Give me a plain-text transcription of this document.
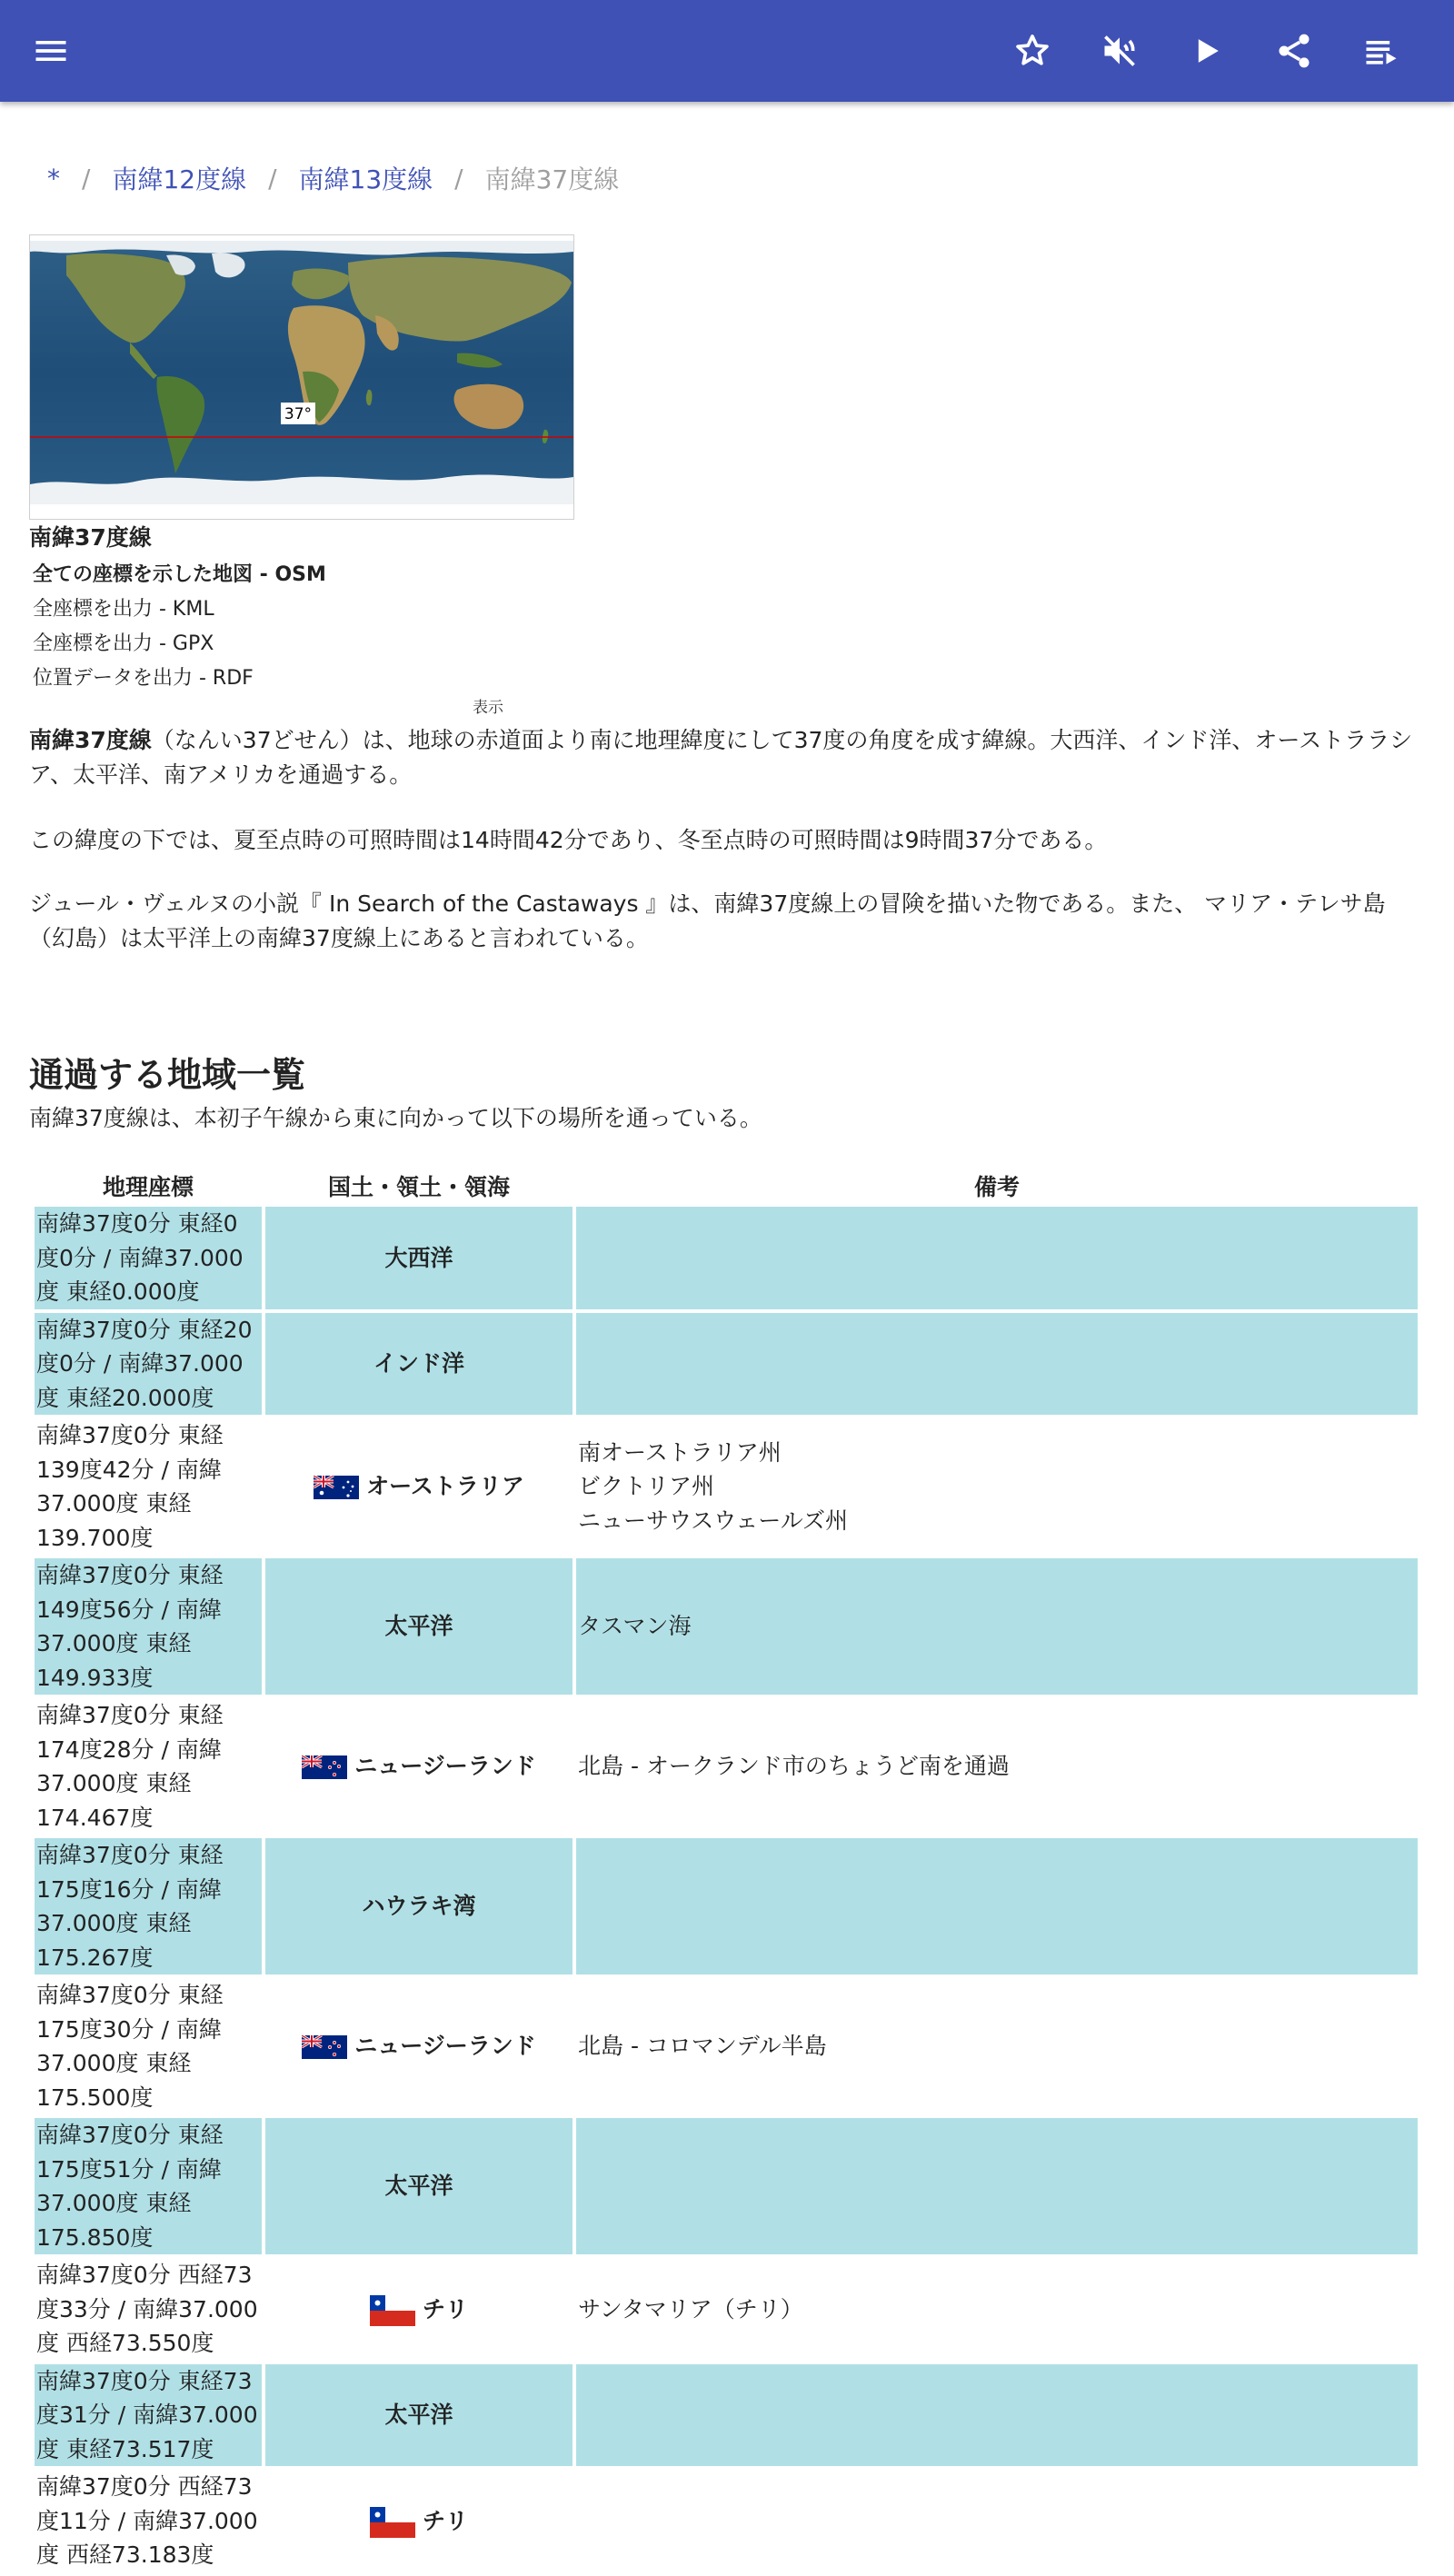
* / 南緯12度線 / 南緯13度線 / 南緯37度線
37°
南緯37度線
全ての座標を示した地図 - OSM
全座標を出力 - KML
全座標を出力 - GPX
位置データを出力 - RDF
表示

南緯37度線（なんい37どせん）は、地球の赤道面より南に地理緯度にして37度の角度を成す緯線。大西洋、インド洋、オーストララシア、太平洋、南アメリカを通過する。

この緯度の下では、夏至点時の可照時間は14時間42分であり、冬至点時の可照時間は9時間37分である。

ジュール・ヴェルヌの小説『 In Search of the Castaways 』は、南緯37度線上の冒険を描いた物である。また、 マリア・テレサ島（幻島）は太平洋上の南緯37度線上にあると言われている。

通過する地域一覧

南緯37度線は、本初子午線から東に向かって以下の場所を通っている。

地理座標	国土・領土・領海	備考
南緯37度0分 東経0度0分 / 南緯37.000度 東経0.000度	大西洋	
南緯37度0分 東経20度0分 / 南緯37.000度 東経20.000度	インド洋	
南緯37度0分 東経139度42分 / 南緯37.000度 東経139.700度	オーストラリア	南オーストラリア州
ビクトリア州
ニューサウスウェールズ州

南緯37度0分 東経149度56分 / 南緯37.000度 東経149.933度	太平洋	タスマン海
南緯37度0分 東経174度28分 / 南緯37.000度 東経174.467度	ニュージーランド	北島 - オークランド市のちょうど南を通過
南緯37度0分 東経175度16分 / 南緯37.000度 東経175.267度	ハウラキ湾	
南緯37度0分 東経175度30分 / 南緯37.000度 東経175.500度	ニュージーランド	北島 - コロマンデル半島
南緯37度0分 東経175度51分 / 南緯37.000度 東経175.850度	太平洋	
南緯37度0分 西経73度33分 / 南緯37.000度 西経73.550度	チリ	サンタマリア（チリ）
南緯37度0分 東経73度31分 / 南緯37.000度 東経73.517度	太平洋	
南緯37度0分 西経73度11分 / 南緯37.000度 西経73.183度	チリ	
